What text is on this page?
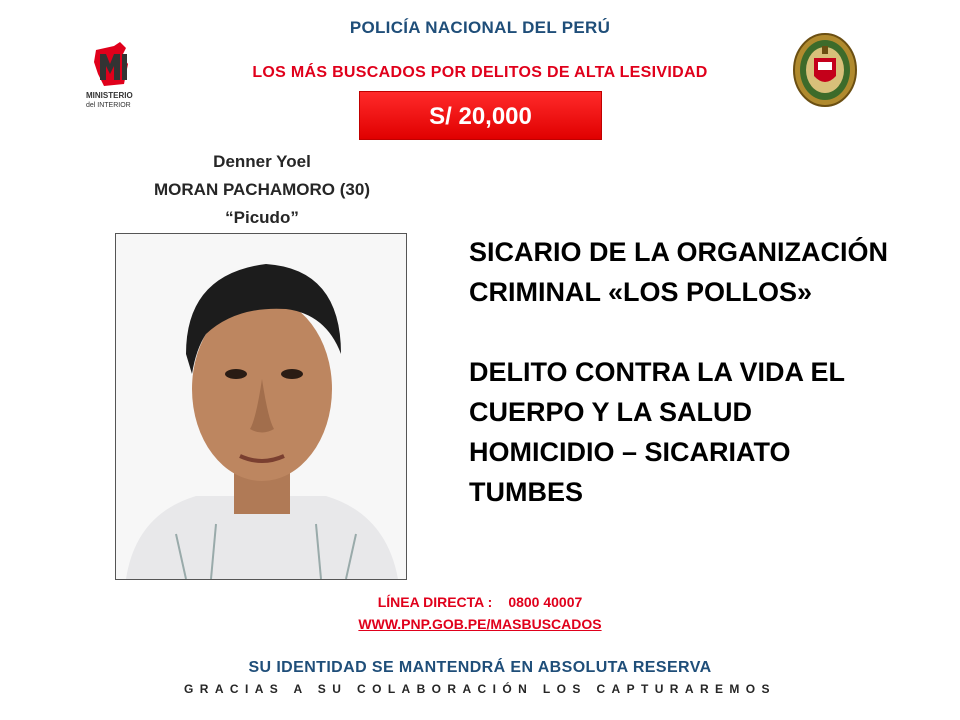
POLICÍA NACIONAL DEL PERÚ
LOS MÁS BUSCADOS POR DELITOS DE ALTA LESIVIDAD
MINISTERIO
del INTERIOR	S/ 20,000
Denner Yoel
MORAN PACHAMORO (30)
“Picudo”

SICARIO DE LA ORGANIZACIÓN

CRIMINAL «LOS POLLOS»

DELITO CONTRA LA VIDA EL

CUERPO Y LA SALUD

HOMICIDIO – SICARIATO

TUMBES

LÍNEA DIRECTA : 0800 40007
WWW.PNP.GOB.PE/MASBUSCADOS
SU IDENTIDAD SE MANTENDRÁ EN ABSOLUTA RESERVA
GRACIAS A SU COLABORACIÓN LOS CAPTURAREMOS
